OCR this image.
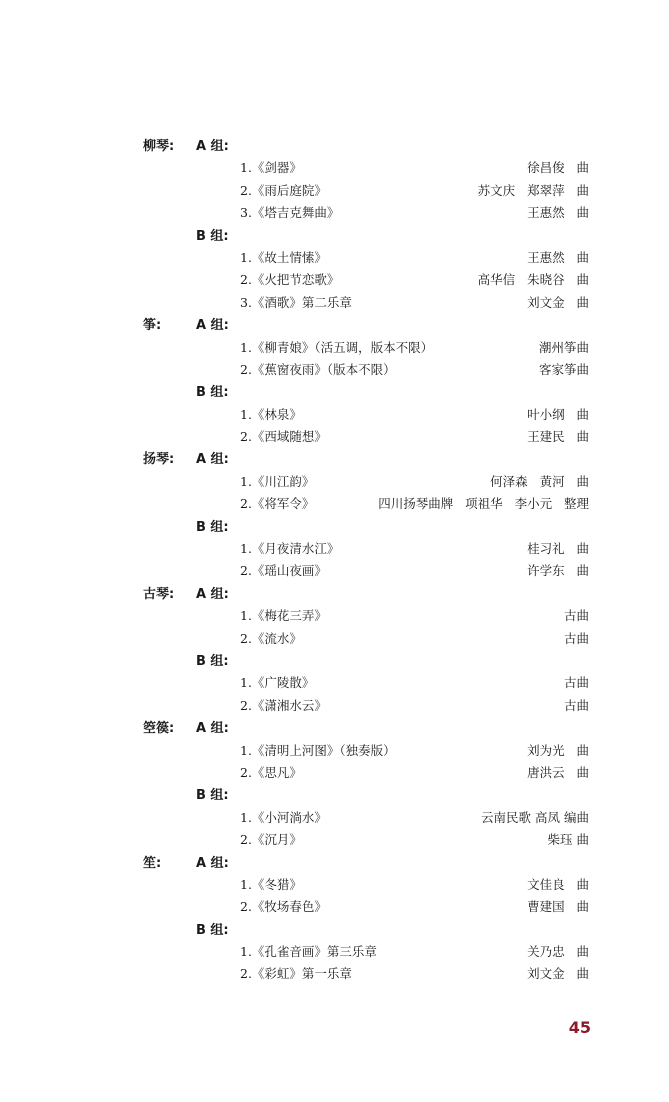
柳琴: A 组:
1.《剑器》	徐昌俊   曲
2.《雨后庭院》	苏文庆   郑翠萍   曲
3.《塔吉克舞曲》	王惠然   曲
B 组:
1.《故土情愫》	王惠然   曲
2.《火把节恋歌》	高华信   朱晓谷   曲
3.《酒歌》第二乐章	刘文金   曲
筝:	A 组:
1.《柳青娘》（活五调，版本不限）	潮州筝曲
2.《蕉窗夜雨》（版本不限）	客家筝曲
B 组:
1.《林泉》	叶小纲   曲
2.《西域随想》	王建民   曲
扬琴: A 组:
1.《川江韵》	何泽森   黄河   曲
2.《将军令》	四川扬琴曲牌   项祖华   李小元   整理
B 组:
1.《月夜清水江》	桂习礼   曲
2.《瑶山夜画》	许学东   曲
古琴: A 组:
1.《梅花三弄》	古曲
2.《流水》	古曲
B 组:
1.《广陵散》	古曲
2.《潇湘水云》	古曲
箜篌: A 组:
1.《清明上河图》（独奏版）	刘为光   曲
2.《思凡》	唐洪云   曲
B 组:
1.《小河淌水》	云南民歌 高凤 编曲
2.《沉月》	柴珏 曲
笙:	A 组:
1.《冬猎》	文佳良   曲
2.《牧场春色》	曹建国   曲
B 组:
1.《孔雀音画》第三乐章	关乃忠   曲
2.《彩虹》第一乐章	刘文金   曲
45
